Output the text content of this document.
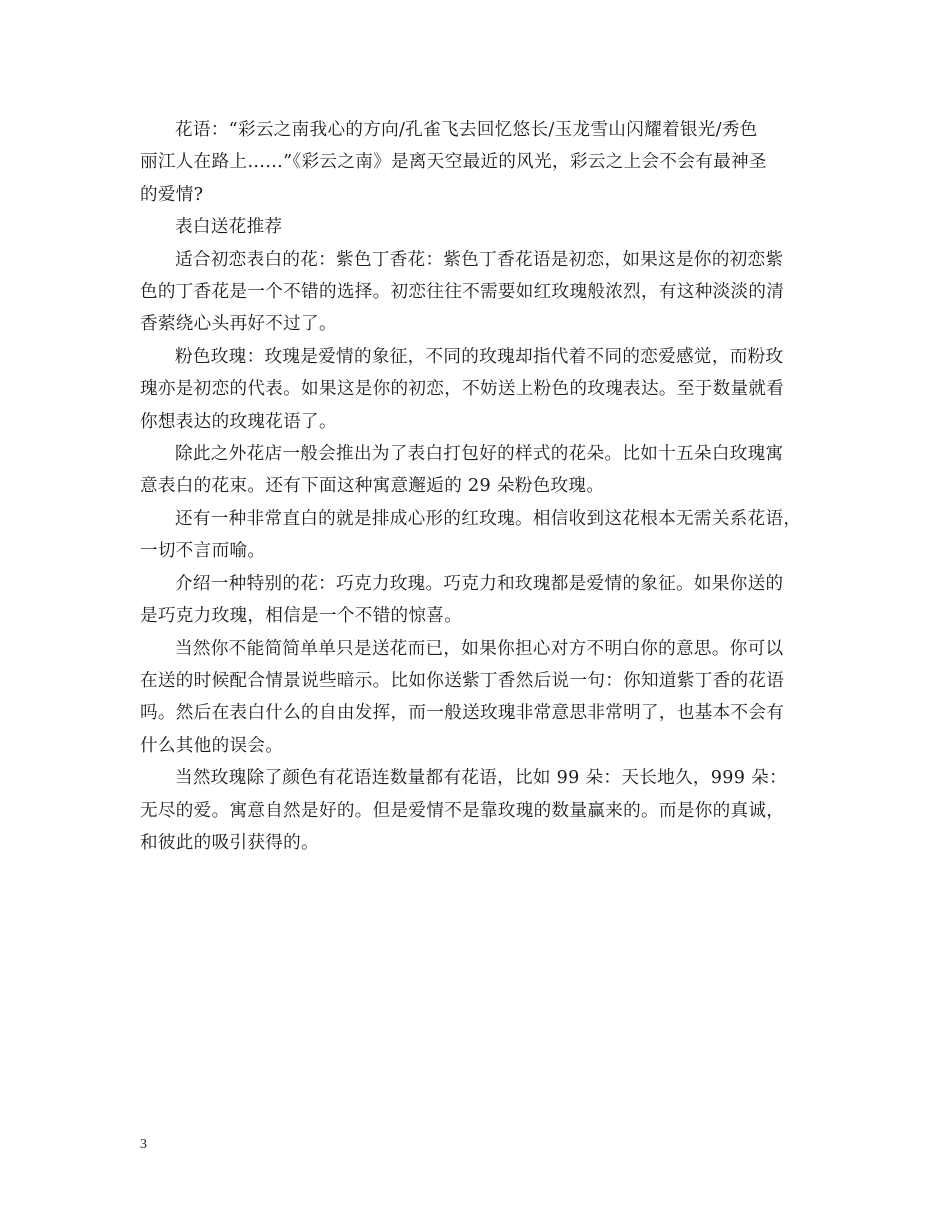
花语：“彩云之南我心的方向/孔雀飞去回忆悠长/玉龙雪山闪耀着银光/秀色
丽江人在路上……”《彩云之南》是离天空最近的风光，彩云之上会不会有最神圣
的爱情?

表白送花推荐

适合初恋表白的花：紫色丁香花：紫色丁香花语是初恋，如果这是你的初恋紫
色的丁香花是一个不错的选择。初恋往往不需要如红玫瑰般浓烈，有这种淡淡的清
香萦绕心头再好不过了。

粉色玫瑰：玫瑰是爱情的象征，不同的玫瑰却指代着不同的恋爱感觉，而粉玫
瑰亦是初恋的代表。如果这是你的初恋，不妨送上粉色的玫瑰表达。至于数量就看
你想表达的玫瑰花语了。

除此之外花店一般会推出为了表白打包好的样式的花朵。比如十五朵白玫瑰寓
意表白的花束。还有下面这种寓意邂逅的 29 朵粉色玫瑰。

还有一种非常直白的就是排成心形的红玫瑰。相信收到这花根本无需关系花语，
一切不言而喻。

介绍一种特别的花：巧克力玫瑰。巧克力和玫瑰都是爱情的象征。如果你送的
是巧克力玫瑰，相信是一个不错的惊喜。

当然你不能简简单单只是送花而已，如果你担心对方不明白你的意思。你可以
在送的时候配合情景说些暗示。比如你送紫丁香然后说一句：你知道紫丁香的花语
吗。然后在表白什么的自由发挥，而一般送玫瑰非常意思非常明了，也基本不会有
什么其他的误会。

当然玫瑰除了颜色有花语连数量都有花语，比如 99 朵：天长地久，999 朵：
无尽的爱。寓意自然是好的。但是爱情不是靠玫瑰的数量赢来的。而是你的真诚，
和彼此的吸引获得的。

3
